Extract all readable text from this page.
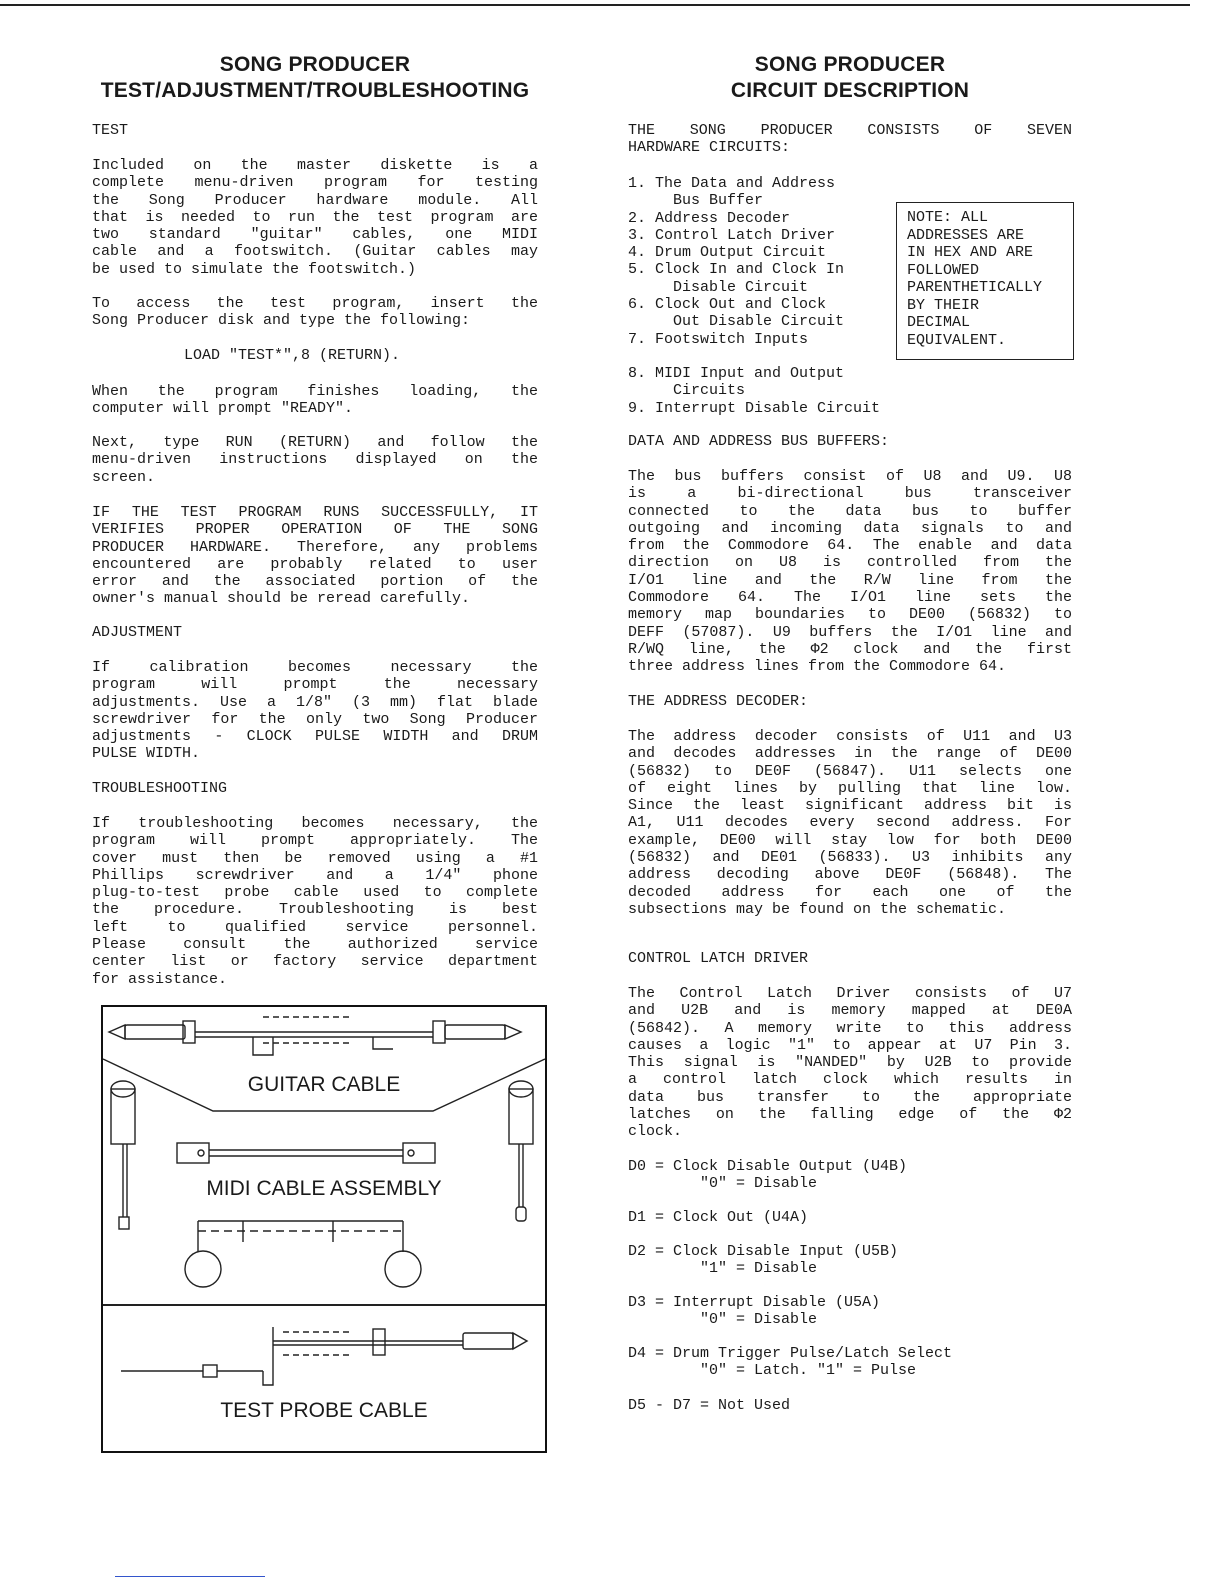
SONG PRODUCER
TEST/ADJUSTMENT/TROUBLESHOOTING
SONG PRODUCER
CIRCUIT DESCRIPTION
TEST
Included on the master diskette is a
complete menu-driven program for testing
the Song Producer hardware module. All
that is needed to run the test program are
two standard "guitar" cables, one MIDI
cable and a footswitch. (Guitar cables may
be used to simulate the footswitch.)
To access the test program, insert the
Song Producer disk and type the following:
LOAD "TEST*",8 (RETURN).
When the program finishes loading, the
computer will prompt "READY".
Next, type RUN (RETURN) and follow the
menu-driven instructions displayed on the
screen.
IF THE TEST PROGRAM RUNS SUCCESSFULLY, IT
VERIFIES PROPER OPERATION OF THE SONG
PRODUCER HARDWARE. Therefore, any problems
encountered are probably related to user
error and the associated portion of the
owner's manual should be reread carefully.
ADJUSTMENT
If calibration becomes necessary the
program will prompt the necessary
adjustments. Use a 1/8" (3 mm) flat blade
screwdriver for the only two Song Producer
adjustments - CLOCK PULSE WIDTH and DRUM
PULSE WIDTH.
TROUBLESHOOTING
If troubleshooting becomes necessary, the
program will prompt appropriately. The
cover must then be removed using a #1
Phillips screwdriver and a 1/4" phone
plug-to-test probe cable used to complete
the procedure. Troubleshooting is best
left to qualified service personnel.
Please consult the authorized service
center list or factory service department
for assistance.
GUITAR CABLE
MIDI CABLE ASSEMBLY
TEST PROBE CABLE
THE SONG PRODUCER CONSISTS OF SEVEN
HARDWARE CIRCUITS:
1. The Data and Address
Bus Buffer
2. Address Decoder
3. Control Latch Driver
4. Drum Output Circuit
5. Clock In and Clock In
Disable Circuit
6. Clock Out and Clock
Out Disable Circuit
7. Footswitch Inputs
8. MIDI Input and Output
Circuits
9. Interrupt Disable Circuit
DATA AND ADDRESS BUS BUFFERS:
The bus buffers consist of U8 and U9. U8
is a bi-directional bus transceiver
connected to the data bus to buffer
outgoing and incoming data signals to and
from the Commodore 64. The enable and data
direction on U8 is controlled from the
I/O1 line and the R/W line from the
Commodore 64. The I/O1 line sets the
memory map boundaries to DE00 (56832) to
DEFF (57087). U9 buffers the I/O1 line and
R/WQ line, the Φ2 clock and the first
three address lines from the Commodore 64.
THE ADDRESS DECODER:
The address decoder consists of U11 and U3
and decodes addresses in the range of DE00
(56832) to DE0F (56847). U11 selects one
of eight lines by pulling that line low.
Since the least significant address bit is
A1, U11 decodes every second address. For
example, DE00 will stay low for both DE00
(56832) and DE01 (56833). U3 inhibits any
address decoding above DE0F (56848). The
decoded address for each one of the
subsections may be found on the schematic.
CONTROL LATCH DRIVER
The Control Latch Driver consists of U7
and U2B and is memory mapped at DE0A
(56842). A memory write to this address
causes a logic "1" to appear at U7 Pin 3.
This signal is "NANDED" by U2B to provide
a control latch clock which results in
data bus transfer to the appropriate
latches on the falling edge of the Φ2
clock.
D0 = Clock Disable Output (U4B)
"0" = Disable
D1 = Clock Out (U4A)
D2 = Clock Disable Input (U5B)
"1" = Disable
D3 = Interrupt Disable (U5A)
"0" = Disable
D4 = Drum Trigger Pulse/Latch Select
"0" = Latch. "1" = Pulse
D5 - D7 = Not Used
NOTE: ALL
ADDRESSES ARE
IN HEX AND ARE
FOLLOWED
PARENTHETICALLY
BY THEIR
DECIMAL
EQUIVALENT.
